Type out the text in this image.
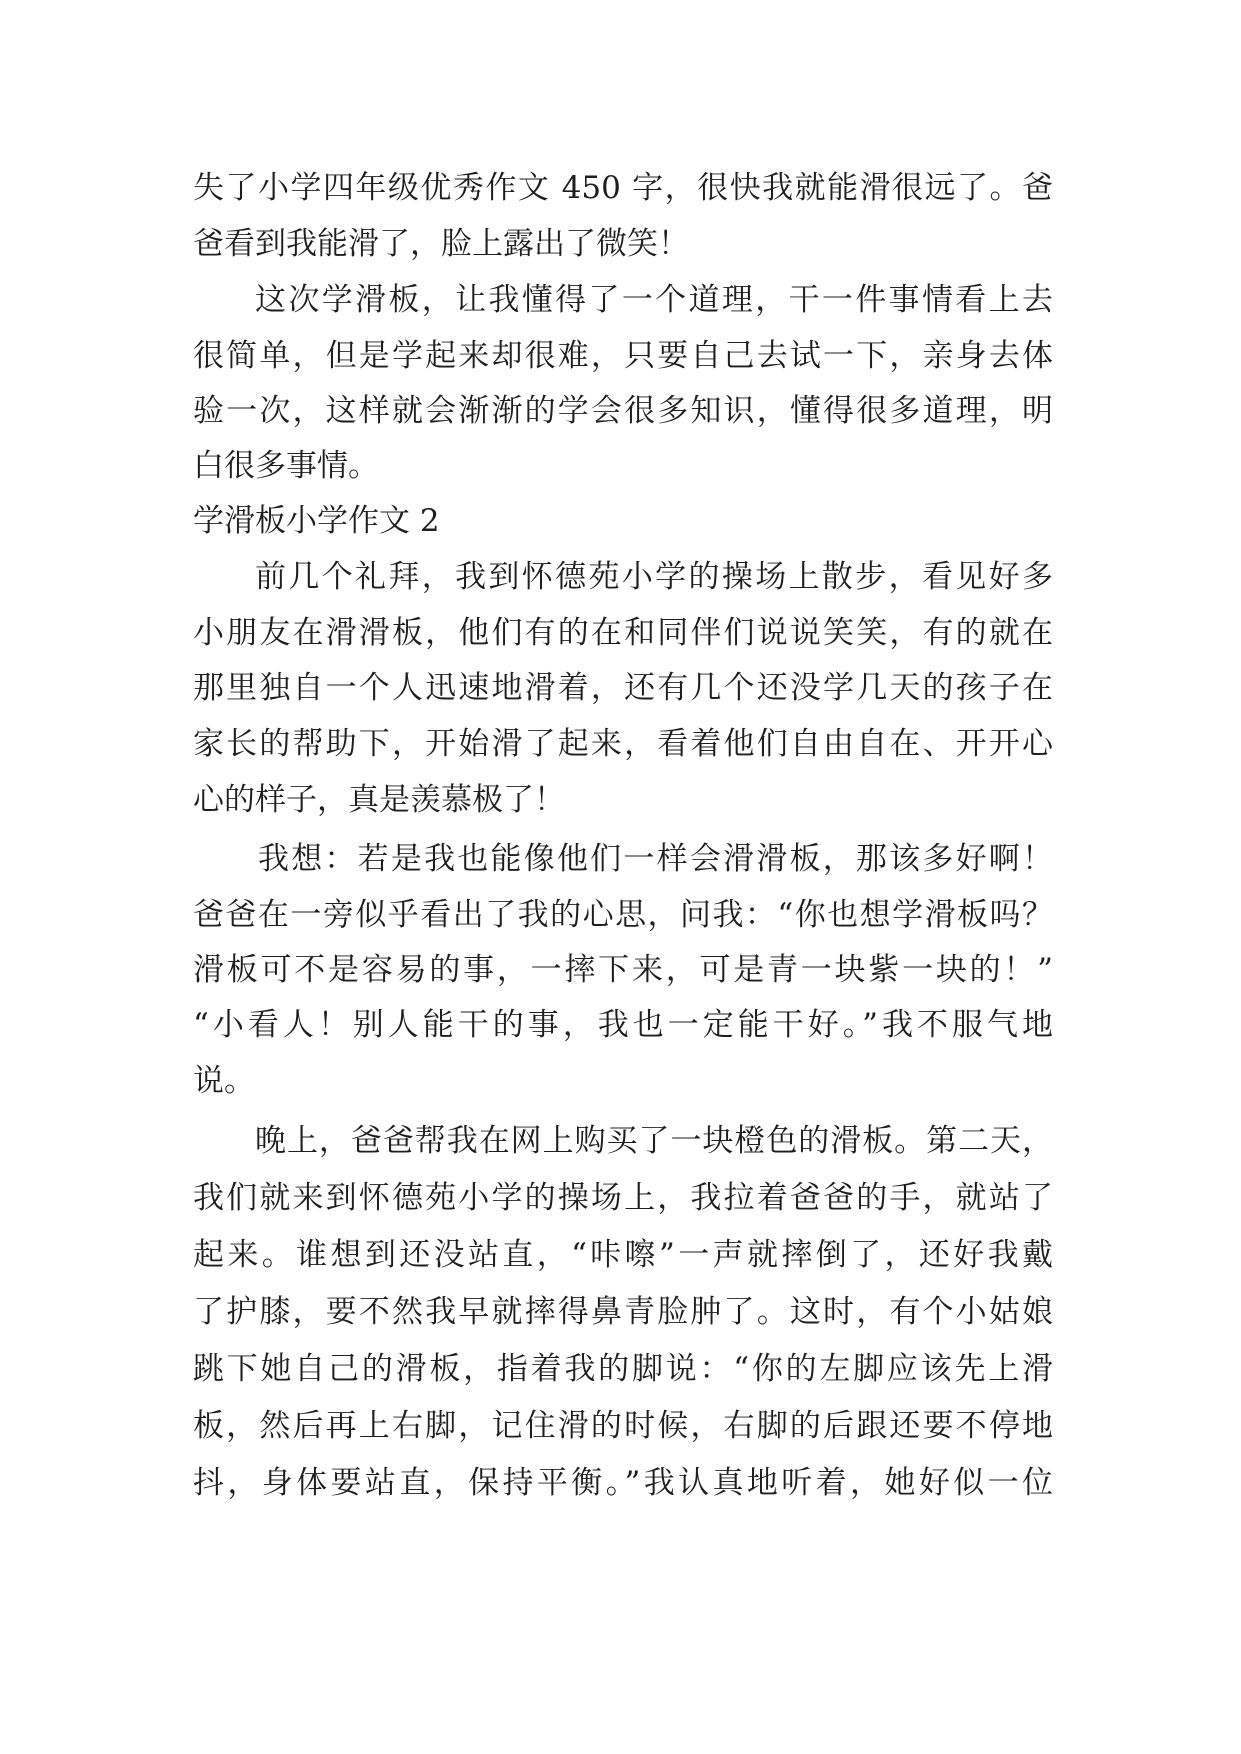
失了小学四年级优秀作文 450 字，很快我就能滑很远了。爸
爸看到我能滑了，脸上露出了微笑！
这次学滑板，让我懂得了一个道理，干一件事情看上去
很简单，但是学起来却很难，只要自己去试一下，亲身去体
验一次，这样就会渐渐的学会很多知识，懂得很多道理，明
白很多事情。
学滑板小学作文 2
前几个礼拜，我到怀德苑小学的操场上散步，看见好多
小朋友在滑滑板，他们有的在和同伴们说说笑笑，有的就在
那里独自一个人迅速地滑着，还有几个还没学几天的孩子在
家长的帮助下，开始滑了起来，看着他们自由自在、开开心
心的样子，真是羡慕极了！
我想：若是我也能像他们一样会滑滑板，那该多好啊！
爸爸在一旁似乎看出了我的心思，问我：“你也想学滑板吗？
滑板可不是容易的事，一摔下来，可是青一块紫一块的！”
“小看人！别人能干的事，我也一定能干好。”我不服气地
说。
晚上，爸爸帮我在网上购买了一块橙色的滑板。第二天，
我们就来到怀德苑小学的操场上，我拉着爸爸的手，就站了
起来。谁想到还没站直，“咔嚓”一声就摔倒了，还好我戴
了护膝，要不然我早就摔得鼻青脸肿了。这时，有个小姑娘
跳下她自己的滑板，指着我的脚说：“你的左脚应该先上滑
板，然后再上右脚，记住滑的时候，右脚的后跟还要不停地
抖，身体要站直，保持平衡。”我认真地听着，她好似一位
